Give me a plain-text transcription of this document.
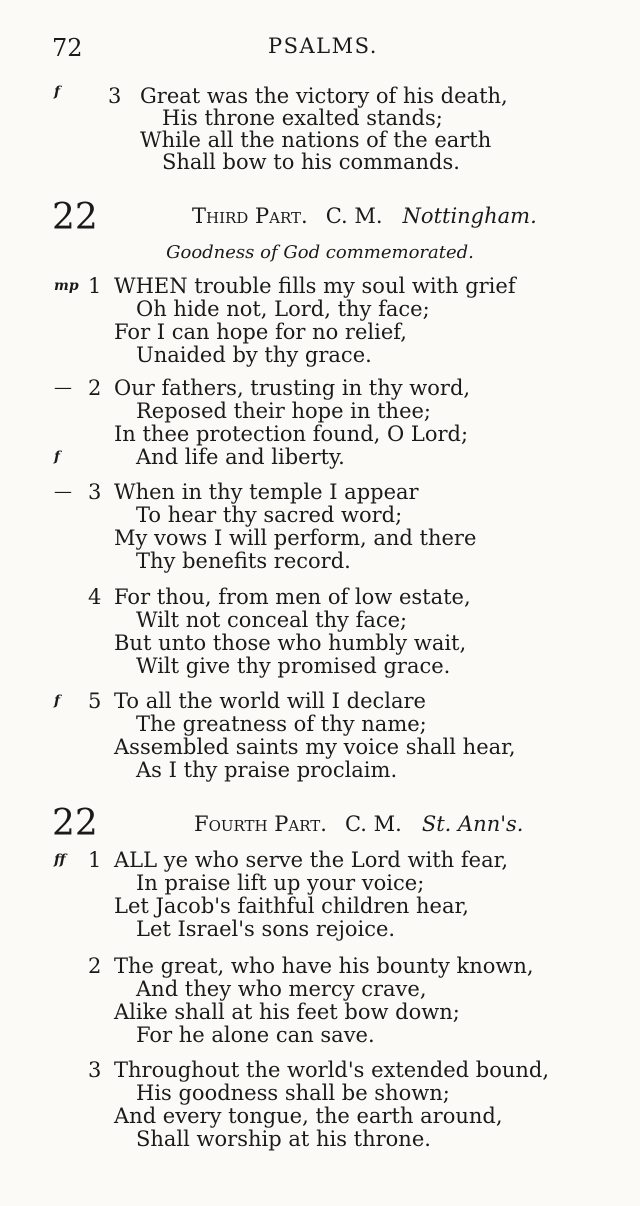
72	PSALMS.
f 3 Great was the victory of his death,
His throne exalted stands;
While all the nations of the earth
Shall bow to his commands.
22	Third Part. C. M. Nottingham.
Goodness of God commemorated.
mp 1 WHEN trouble fills my soul with grief
Oh hide not, Lord, thy face;
For I can hope for no relief,
Unaided by thy grace.
— 2 Our fathers, trusting in thy word,
Reposed their hope in thee;
In thee protection found, O Lord;
f	And life and liberty.
— 3 When in thy temple I appear
To hear thy sacred word;
My vows I will perform, and there
Thy benefits record.
4 For thou, from men of low estate,
Wilt not conceal thy face;
But unto those who humbly wait,
Wilt give thy promised grace.
f 5 To all the world will I declare
The greatness of thy name;
Assembled saints my voice shall hear,
As I thy praise proclaim.
22	Fourth Part. C. M. St. Ann's.
ff 1 ALL ye who serve the Lord with fear,
In praise lift up your voice;
Let Jacob's faithful children hear,
Let Israel's sons rejoice.
2 The great, who have his bounty known,
And they who mercy crave,
Alike shall at his feet bow down;
For he alone can save.
3 Throughout the world's extended bound,
His goodness shall be shown;
And every tongue, the earth around,
Shall worship at his throne.
